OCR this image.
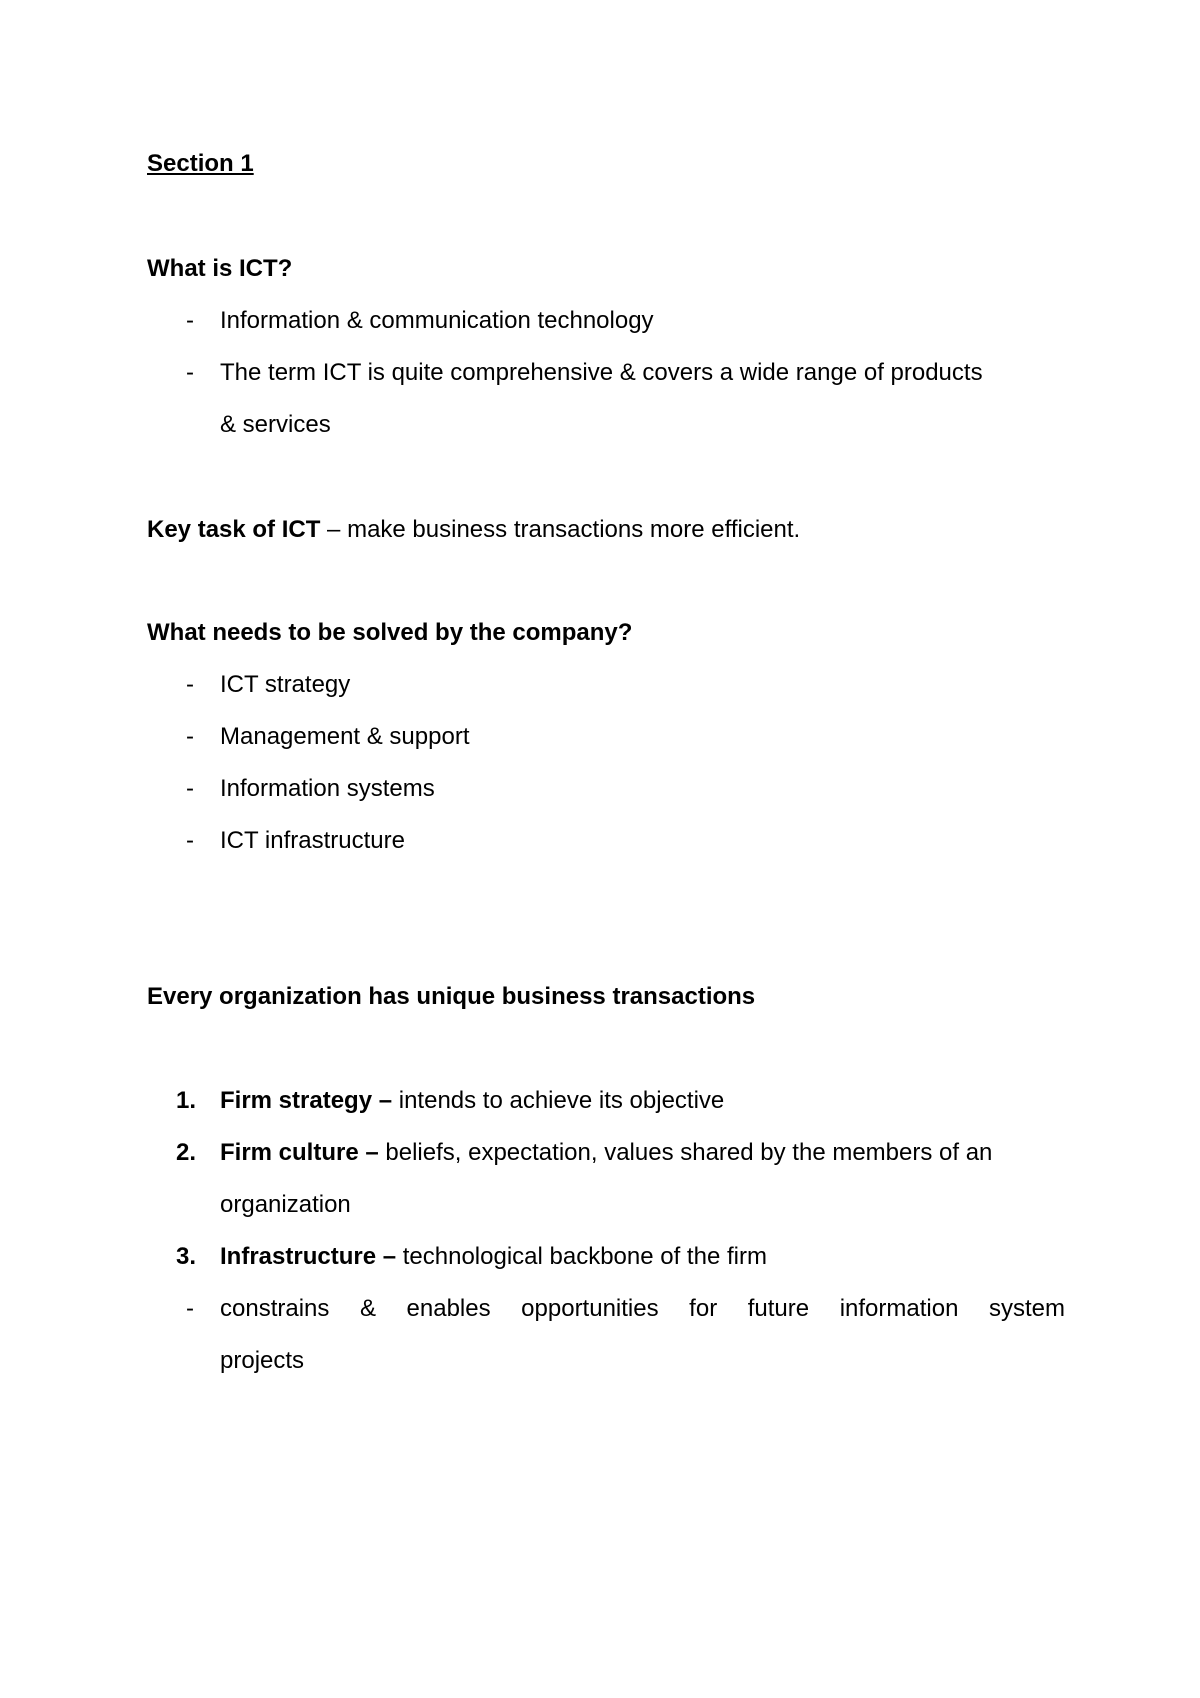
Section 1
What is ICT?
- Information & communication technology
- The term ICT is quite comprehensive & covers a wide range of products
& services
Key task of ICT – make business transactions more efficient.
What needs to be solved by the company?
- ICT strategy
- Management & support
- Information systems
- ICT infrastructure
Every organization has unique business transactions
1. Firm strategy – intends to achieve its objective
2. Firm culture – beliefs, expectation, values shared by the members of an
organization
3. Infrastructure – technological backbone of the firm
- constrains & enables opportunities for future information system
projects
